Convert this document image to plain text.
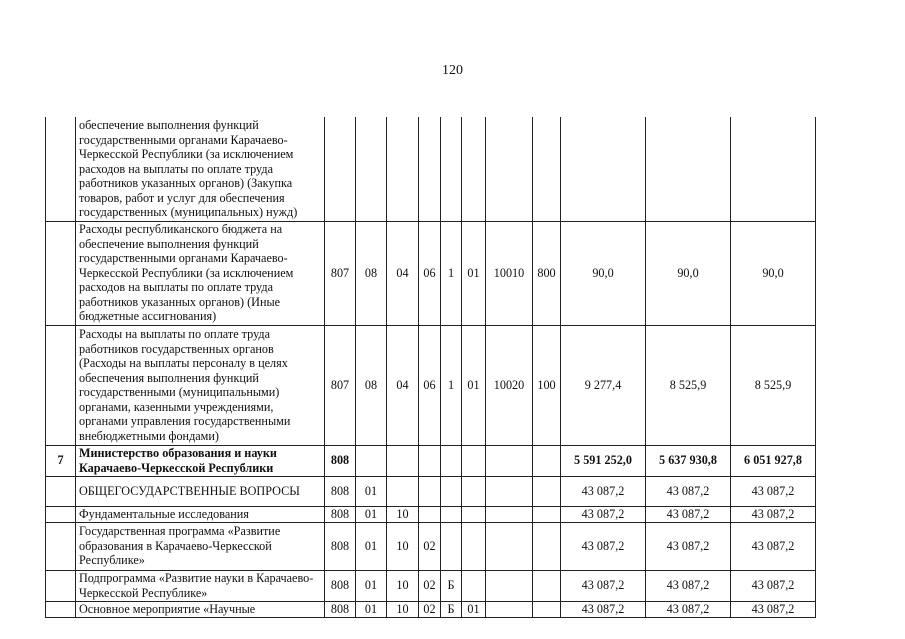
120
	обеспечение выполнения функций государственными органами Карачаево-Черкесской Республики (за исключением расходов на выплаты по оплате труда работников указанных органов) (Закупка товаров, работ и услуг для обеспечения государственных (муниципальных) нужд)											
	Расходы республиканского бюджета на обеспечение выполнения функций государственными органами Карачаево-Черкесской Республики (за исключением расходов на выплаты по оплате труда работников указанных органов) (Иные бюджетные ассигнования)	807	08	04	06	1	01	10010	800	90,0	90,0	90,0
	Расходы на выплаты по оплате труда работников государственных органов (Расходы на выплаты персоналу в целях обеспечения выполнения функций государственными (муниципальными) органами, казенными учреждениями, органами управления государственными внебюджетными фондами)	807	08	04	06	1	01	10020	100	9 277,4	8 525,9	8 525,9
7	Министерство образования и науки Карачаево-Черкесской Республики	808								5 591 252,0	5 637 930,8	6 051 927,8
	ОБЩЕГОСУДАРСТВЕННЫЕ ВОПРОСЫ	808	01							43 087,2	43 087,2	43 087,2
	Фундаментальные исследования	808	01	10						43 087,2	43 087,2	43 087,2
	Государственная программа «Развитие образования в Карачаево-Черкесской Республике»	808	01	10	02					43 087,2	43 087,2	43 087,2
	Подпрограмма «Развитие науки в Карачаево-Черкесской Республике»	808	01	10	02	Б				43 087,2	43 087,2	43 087,2
	Основное мероприятие «Научные	808	01	10	02	Б	01			43 087,2	43 087,2	43 087,2
